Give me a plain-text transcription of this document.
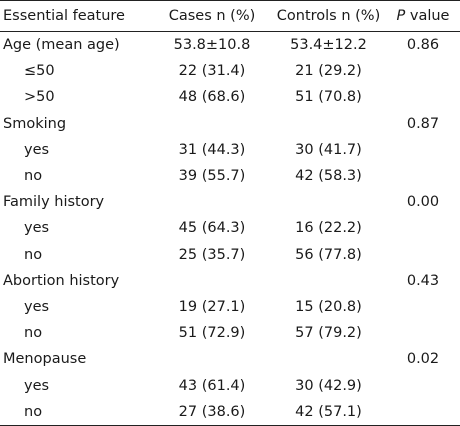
Essential feature	Cases n (%)	Controls n (%)	P value
Age (mean age)	53.8±10.8	53.4±12.2	0.86
≤50	22 (31.4)	21 (29.2)	
>50	48 (68.6)	51 (70.8)	
Smoking			0.87
yes	31 (44.3)	30 (41.7)	
no	39 (55.7)	42 (58.3)	
Family history			0.00
yes	45 (64.3)	16 (22.2)	
no	25 (35.7)	56 (77.8)	
Abortion history			0.43
yes	19 (27.1)	15 (20.8)	
no	51 (72.9)	57 (79.2)	
Menopause			0.02
yes	43 (61.4)	30 (42.9)	
no	27 (38.6)	42 (57.1)	
